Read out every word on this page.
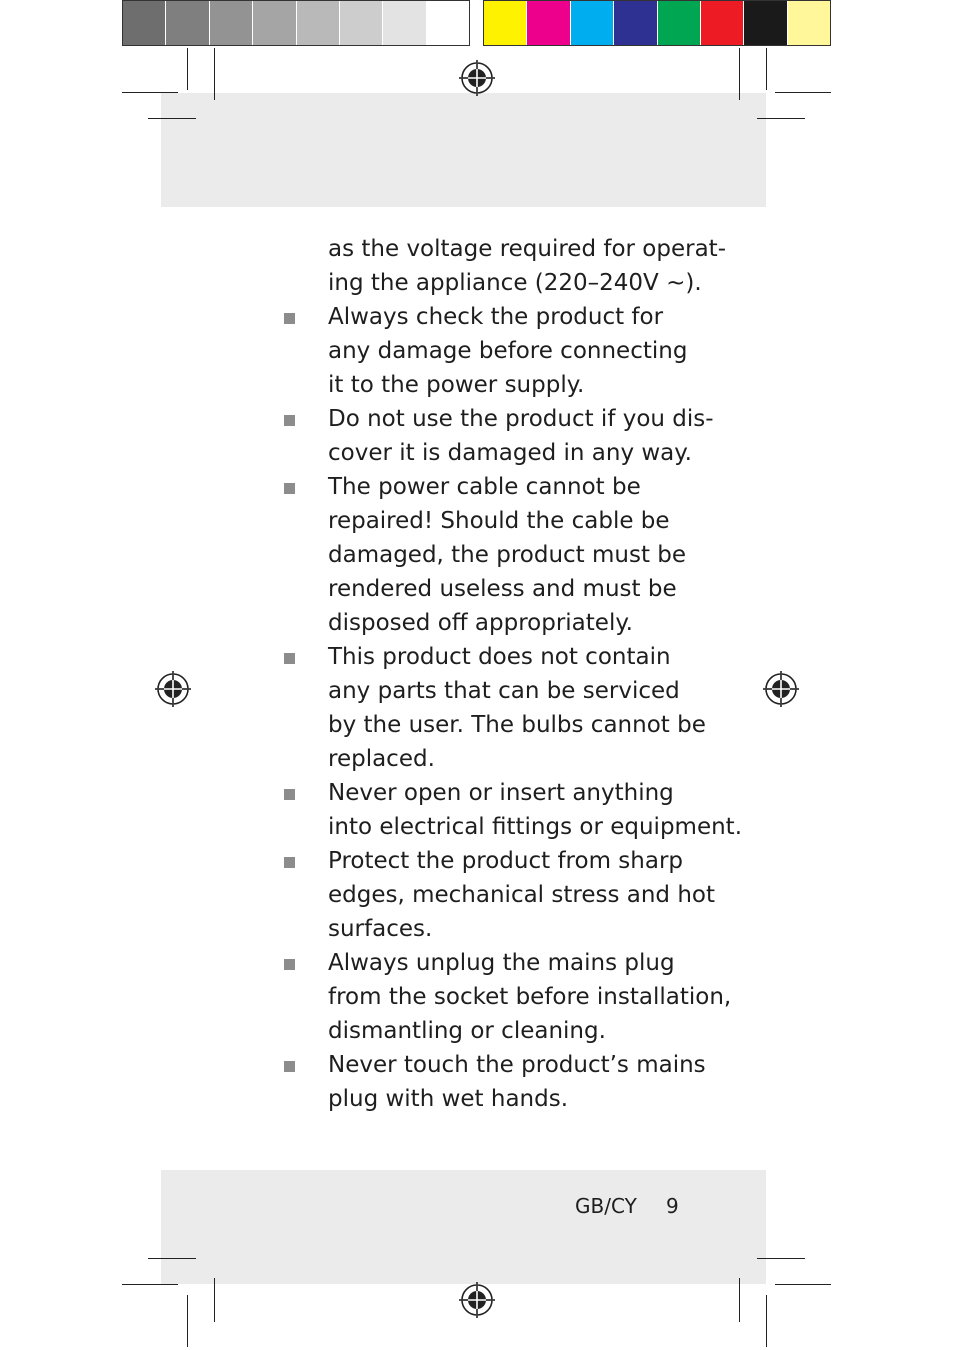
as the voltage required for operat-
ing the appliance (220–240V ~).
Always check the product for
any damage before connecting
it to the power supply.
Do not use the product if you dis-
cover it is damaged in any way.
The power cable cannot be
repaired! Should the cable be
damaged, the product must be
rendered useless and must be
disposed off appropriately.
This product does not contain
any parts that can be serviced
by the user. The bulbs cannot be
replaced.
Never open or insert anything
into electrical fittings or equipment.
Protect the product from sharp
edges, mechanical stress and hot
surfaces.
Always unplug the mains plug
from the socket before installation,
dismantling or cleaning.
Never touch the product’s mains
plug with wet hands.
GB/CY 9
